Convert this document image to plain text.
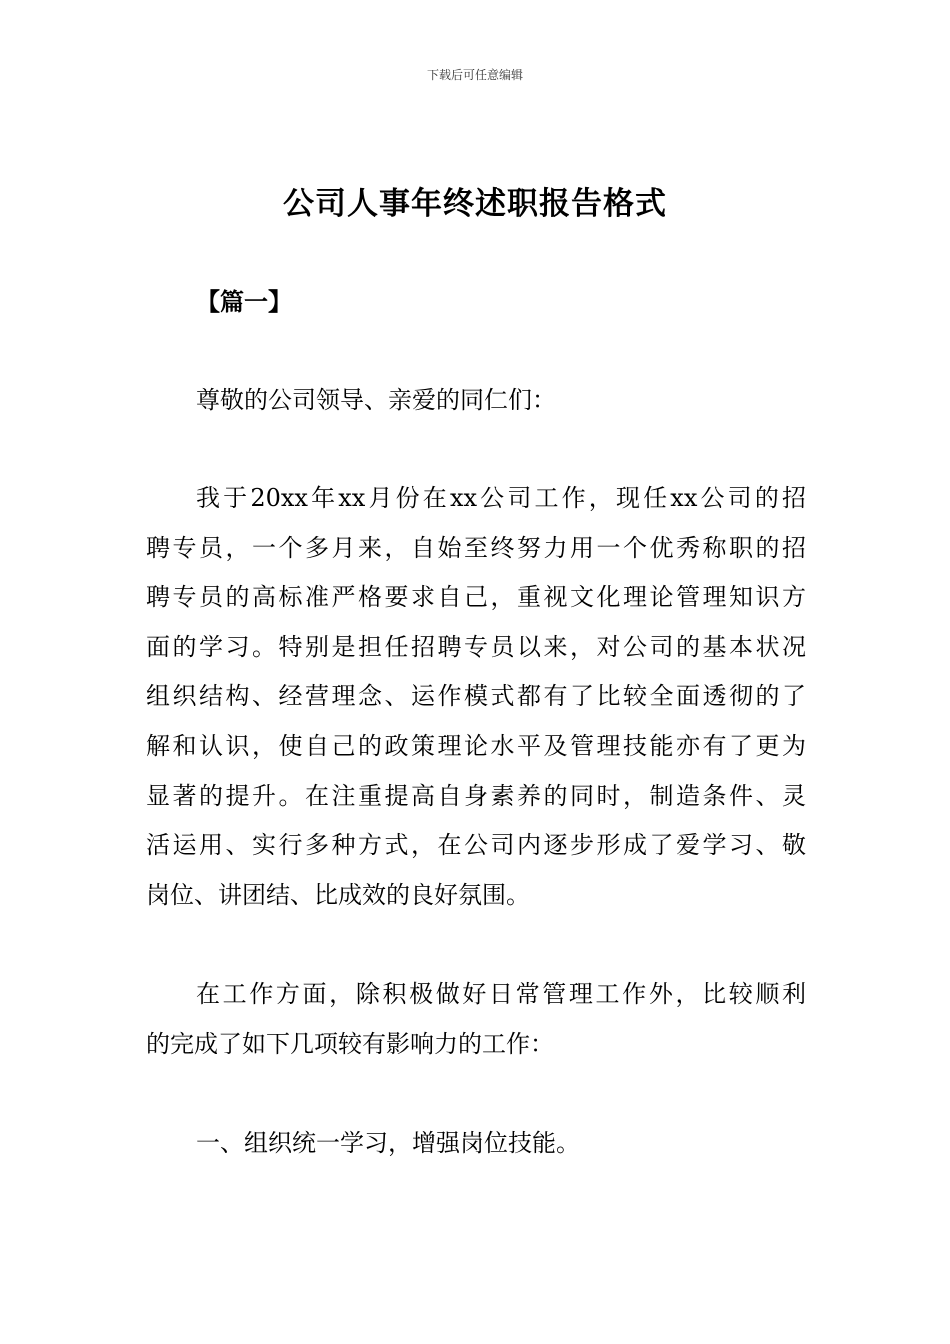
下载后可任意编辑
公司人事年终述职报告格式
【篇一】
尊敬的公司领导、亲爱的同仁们：
我于20xx年xx月份在xx公司工作，现任xx公司的招
聘专员，一个多月来，自始至终努力用一个优秀称职的招
聘专员的高标准严格要求自己，重视文化理论管理知识方
面的学习。特别是担任招聘专员以来，对公司的基本状况
组织结构、经营理念、运作模式都有了比较全面透彻的了
解和认识，使自己的政策理论水平及管理技能亦有了更为
显著的提升。在注重提高自身素养的同时，制造条件、灵
活运用、实行多种方式，在公司内逐步形成了爱学习、敬
岗位、讲团结、比成效的良好氛围。
在工作方面，除积极做好日常管理工作外，比较顺利
的完成了如下几项较有影响力的工作：
一、组织统一学习，增强岗位技能。
